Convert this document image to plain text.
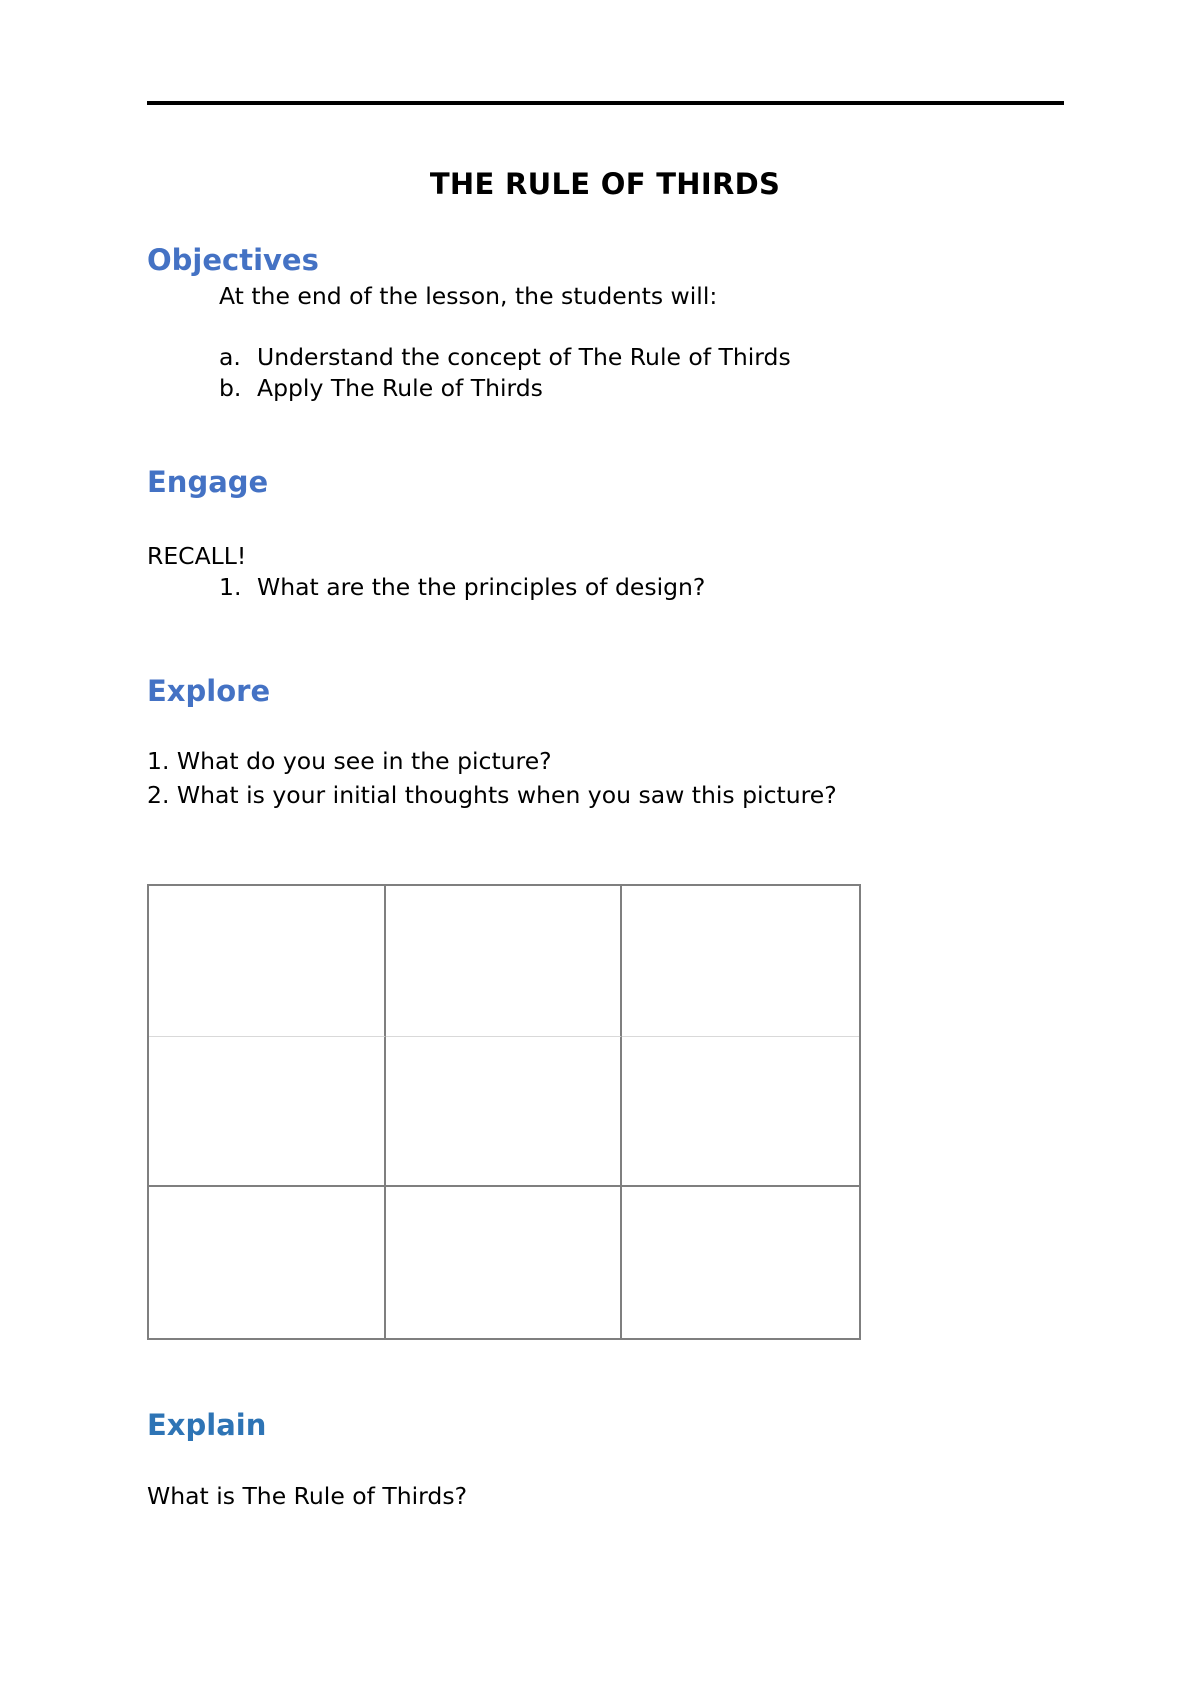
THE RULE OF THIRDS
Objectives
At the end of the lesson, the students will:
a. Understand the concept of The Rule of Thirds
b. Apply The Rule of Thirds
Engage
RECALL!
1. What are the the principles of design?
Explore
1. What do you see in the picture?
2. What is your initial thoughts when you saw this picture?
Explain
What is The Rule of Thirds?
